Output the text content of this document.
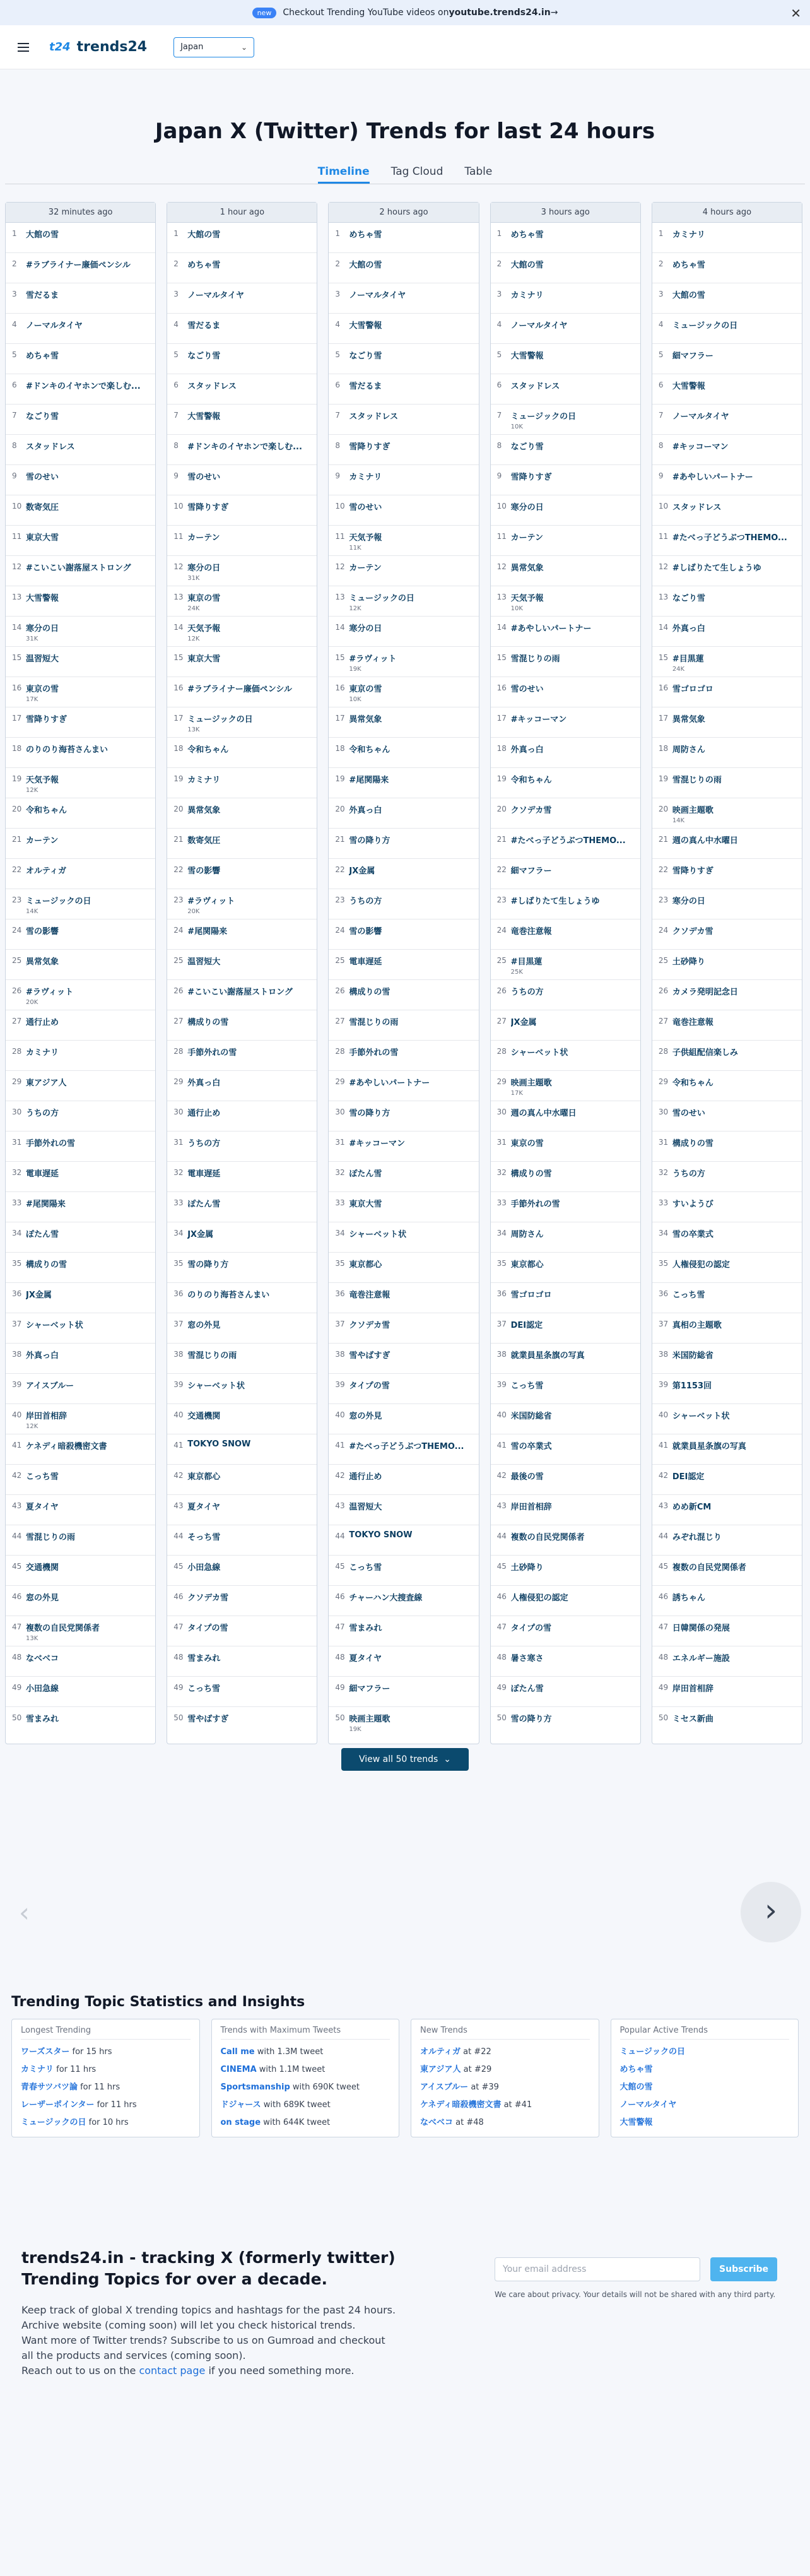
new	Checkout Trending YouTube videos on youtube.trends24.in →	✕
t24 trends24	Japan	⌄
Japan X (Twitter) Trends for last 24 hours
Timeline Tag Cloud Table
32 minutes ago
1	大館の雪
2	#ラブライナー廉価ペンシル
3	雪だるま
4	ノーマルタイヤ
5	めちゃ雪
6	#ドンキのイヤホンで楽しむ...
7	なごり雪
8	スタッドレス
9	雪のせい
10 数寄気圧
11 東京大雪
12 #こいこい謝落屋ストロング
13 大雪警報
14 寒分の日
31K
15 温習短大
16 東京の雪
17K
17 雪降りすぎ
18 のりのり海苔さんまい
19 天気予報
12K
20 令和ちゃん
21 カーテン
22 オルティガ
23 ミュージックの日
14K
24 雪の影響
25 異常気象
26 #ラヴィット
20K
27 通行止め
28 カミナリ
29 東アジア人
30 うちの方
31 手節外れの雪
32 電車遅延
33 #尾関陽来
34 ぽたん雪
35 構成りの雪
36 JX金属
37 シャーベット状
38 外真っ白
39 アイスブルー
40 岸田首相辞
12K
41 ケネディ暗殺機密文書
42 こっち雪
43 夏タイヤ
44 雪混じりの雨
45 交通機関
46 窓の外見
47 複数の自民党関係者
13K
48 なべベコ
49 小田急線
50 雪まみれ
1 hour ago
1	大館の雪
2	めちゃ雪
3	ノーマルタイヤ
4	雪だるま
5	なごり雪
6	スタッドレス
7	大雪警報
8	#ドンキのイヤホンで楽しむ...
9	雪のせい
10 雪降りすぎ
11 カーテン
12 寒分の日
31K
13 東京の雪
24K
14 天気予報
12K
15 東京大雪
16 #ラブライナー廉価ペンシル
17 ミュージックの日
13K
18 令和ちゃん
19 カミナリ
20 異常気象
21 数寄気圧
22 雪の影響
23 #ラヴィット
20K
24 #尾関陽来
25 温習短大
26 #こいこい謝落屋ストロング
27 構成りの雪
28 手節外れの雪
29 外真っ白
30 通行止め
31 うちの方
32 電車遅延
33 ぽたん雪
34 JX金属
35 雪の降り方
36 のりのり海苔さんまい
37 窓の外見
38 雪混じりの雨
39 シャーベット状
40 交通機関
41 TOKYO SNOW
42 東京都心
43 夏タイヤ
44 そっち雪
45 小田急線
46 クソデカ雪
47 タイプの雪
48 雪まみれ
49 こっち雪
50 雪やばすぎ
2 hours ago
1	めちゃ雪
2	大館の雪
3	ノーマルタイヤ
4	大雪警報
5	なごり雪
6	雪だるま
7	スタッドレス
8	雪降りすぎ
9	カミナリ
10 雪のせい
11 天気予報
11K
12 カーテン
13 ミュージックの日
12K
14 寒分の日
15 #ラヴィット
19K
16 東京の雪
10K
17 異常気象
18 令和ちゃん
19 #尾関陽来
20 外真っ白
21 雪の降り方
22 JX金属
23 うちの方
24 雪の影響
25 電車遅延
26 構成りの雪
27 雪混じりの雨
28 手節外れの雪
29 #あやしいパートナー
30 雪の降り方
31 #キッコーマン
32 ぽたん雪
33 東京大雪
34 シャーベット状
35 東京都心
36 竜巻注意報
37 クソデカ雪
38 雪やばすぎ
39 タイプの雪
40 窓の外見
41 #たべっ子どうぶつTHEMO...
42 通行止め
43 温習短大
44 TOKYO SNOW
45 こっち雪
46 チャーハン大捜査線
47 雪まみれ
48 夏タイヤ
49 細マフラー
50 映画主題歌
19K
3 hours ago
1	めちゃ雪
2	大館の雪
3	カミナリ
4	ノーマルタイヤ
5	大雪警報
6	スタッドレス
7	ミュージックの日
10K
8	なごり雪
9	雪降りすぎ
10 寒分の日
11 カーテン
12 異常気象
13 天気予報
10K
14 #あやしいパートナー
15 雪混じりの雨
16 雪のせい
17 #キッコーマン
18 外真っ白
19 令和ちゃん
20 クソデカ雪
21 #たべっ子どうぶつTHEMO...
22 細マフラー
23 #しばりたて生しょうゆ
24 竜巻注意報
25 #目黒蓮
25K
26 うちの方
27 JX金属
28 シャーベット状
29 映画主題歌
17K
30 週の真ん中水曜日
31 東京の雪
32 構成りの雪
33 手節外れの雪
34 周防さん
35 東京都心
36 雪ゴロゴロ
37 DEI認定
38 就業員星条旗の写真
39 こっち雪
40 米国防総省
41 雪の卒業式
42 最後の雪
43 岸田首相辞
44 複数の自民党関係者
45 土砂降り
46 人権侵犯の認定
47 タイプの雪
48 暑さ寒さ
49 ぽたん雪
50 雪の降り方
4 hours ago
1	カミナリ
2	めちゃ雪
3	大館の雪
4	ミュージックの日
5	細マフラー
6	大雪警報
7	ノーマルタイヤ
8	#キッコーマン
9	#あやしいパートナー
10 スタッドレス
11 #たべっ子どうぶつTHEMO...
12 #しばりたて生しょうゆ
13 なごり雪
14 外真っ白
15 #目黒蓮
24K
16 雪ゴロゴロ
17 異常気象
18 周防さん
19 雪混じりの雨
20 映画主題歌
14K
21 週の真ん中水曜日
22 雪降りすぎ
23 寒分の日
24 クソデカ雪
25 土砂降り
26 カメラ発明記念日
27 竜巻注意報
28 子供組配信楽しみ
29 令和ちゃん
30 雪のせい
31 構成りの雪
32 うちの方
33 すいようび
34 雪の卒業式
35 人権侵犯の認定
36 こっち雪
37 真相の主題歌
38 米国防総省
39 第1153回
40 シャーベット状
41 就業員星条旗の写真
42 DEI認定
43 めめ新CM
44 みぞれ混じり
45 複数の自民党関係者
46 誘ちゃん
47 日韓関係の発展
48 エネルギー施設
49 岸田首相辞
50 ミセス新曲
View all 50 trends  ⌄
‹	›
Trending Topic Statistics and Insights
Longest Trending
ワーズスター for 15 hrs
カミナリ for 11 hrs
青春サツバツ論 for 11 hrs
レーザーポインター for 11 hrs
ミュージックの日 for 10 hrs
Trends with Maximum Tweets
Call me with 1.3M tweet
CINEMA with 1.1M tweet
Sportsmanship with 690K tweet
ドジャース with 689K tweet
on stage with 644K tweet
New Trends
オルティガ at #22
東アジア人 at #29
アイスブルー at #39
ケネディ暗殺機密文書 at #41
なべベコ at #48
Popular Active Trends
ミュージックの日
めちゃ雪
大館の雪
ノーマルタイヤ
大雪警報
trends24.in - tracking X (formerly twitter) Trending Topics for over a decade.
Keep track of global X trending topics and hashtags for the past 24 hours.
Archive website (coming soon) will let you check historical trends.
Want more of Twitter trends? Subscribe to us on Gumroad and checkout all the products and services (coming soon).
Reach out to us on the contact page if you need something more.
Your email address	Subscribe
We care about privacy. Your details will not be shared with any third party.
